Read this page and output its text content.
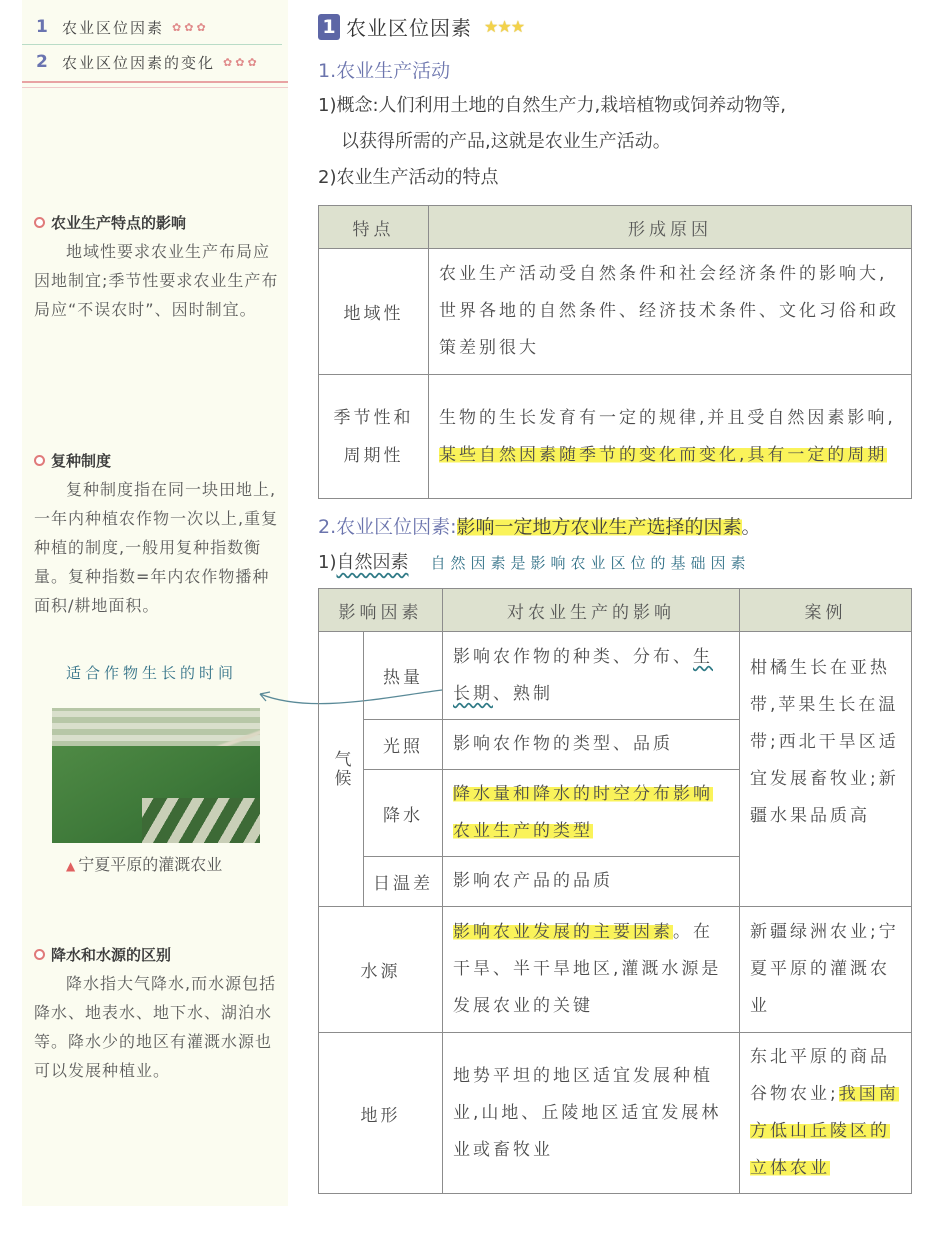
1 农业区位因素 ✿✿✿
2 农业区位因素的变化 ✿✿✿
农业生产特点的影响
地域性要求农业生产布局应因地制宜;季节性要求农业生产布局应“不误农时”、因时制宜。
复种制度
复种制度指在同一块田地上,一年内种植农作物一次以上,重复种植的制度,一般用复种指数衡量。复种指数=年内农作物播种面积/耕地面积。
适合作物生长的时间
▲ 宁夏平原的灌溉农业
降水和水源的区别
降水指大气降水,而水源包括降水、地表水、地下水、湖泊水等。降水少的地区有灌溉水源也可以发展种植业。
1 农业区位因素 ★★★
1.农业生产活动
1)概念:人们利用土地的自然生产力,栽培植物或饲养动物等,
以获得所需的产品,这就是农业生产活动。
2)农业生产活动的特点
特点	形成原因
地域性	农业生产活动受自然条件和社会经济条件的影响大,世界各地的自然条件、经济技术条件、文化习俗和政策差别很大
季节性和周期性	生物的生长发育有一定的规律,并且受自然因素影响,某些自然因素随季节的变化而变化,具有一定的周期
2.农业区位因素:影响一定地方农业生产选择的因素。
1)自然因素 自然因素是影响农业区位的基础因素
影响因素		对农业生产的影响	案例
气候	热量	影响农作物的种类、分布、生长期、熟制	柑橘生长在亚热带,苹果生长在温带;西北干旱区适宜发展畜牧业;新疆水果品质高
	光照	影响农作物的类型、品质	
	降水	降水量和降水的时空分布影响农业生产的类型	
	日温差	影响农产品的品质	
水源		影响农业发展的主要因素。在干旱、半干旱地区,灌溉水源是发展农业的关键	新疆绿洲农业;宁夏平原的灌溉农业
地形		地势平坦的地区适宜发展种植业,山地、丘陵地区适宜发展林业或畜牧业	东北平原的商品谷物农业;我国南方低山丘陵区的立体农业
